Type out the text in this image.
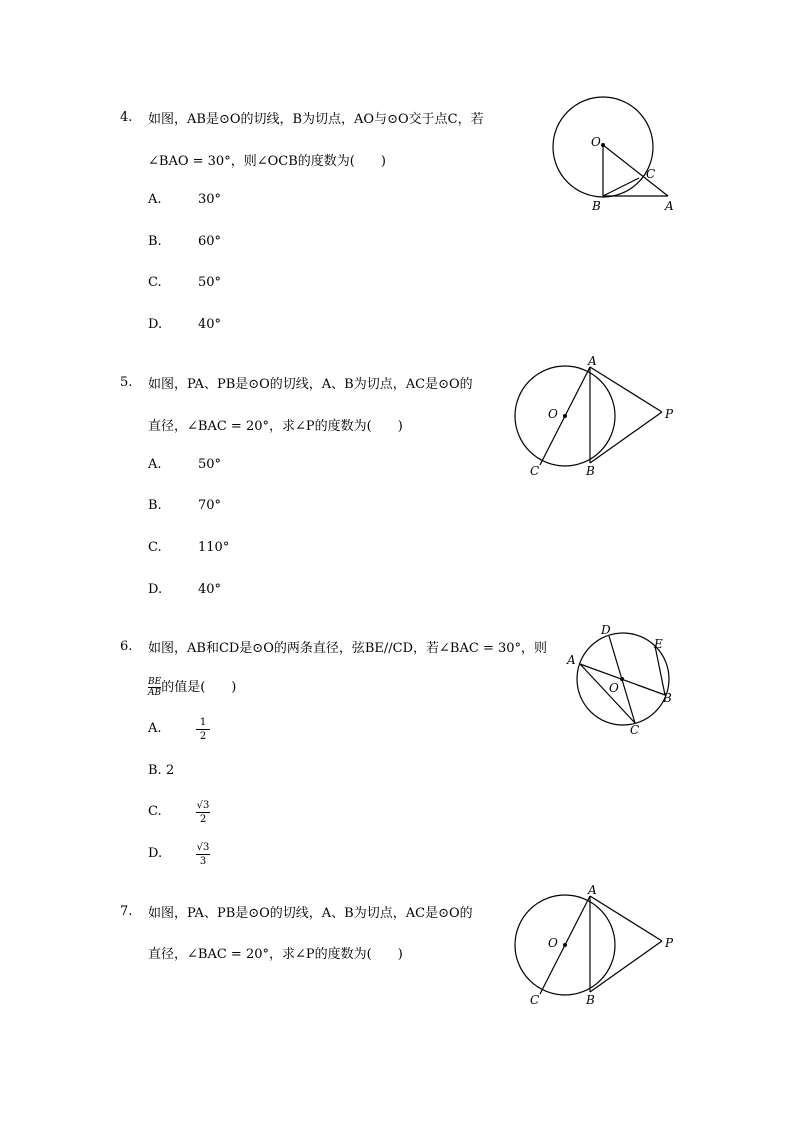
4. 如图，AB是⊙O的切线，B为切点，AO与⊙O交于点C，若
∠BAO = 30°，则∠OCB的度数为(　　)
A.	30°
B.	60°
C.	50°
D.	40°
O
C
B	A
5. 如图，PA、PB是⊙O的切线，A、B为切点，AC是⊙O的
直径，∠BAC = 20°，求∠P的度数为(　　)
A.	50°
B.	70°
C.	110°
D.	40°
A
O	P
C	B
6. 如图，AB和CD是⊙O的两条直径，弦BE//CD，若∠BAC = 30°，则
$\frac{BE}{AB}$ 的值是(　　)
A.	1
2
B. 2
C.	√3
2
D.	√3
3
D
E
A
O
B
C
7. 如图，PA、PB是⊙O的切线，A、B为切点，AC是⊙O的
直径，∠BAC = 20°，求∠P的度数为(　　)
A
O	P
C	B
